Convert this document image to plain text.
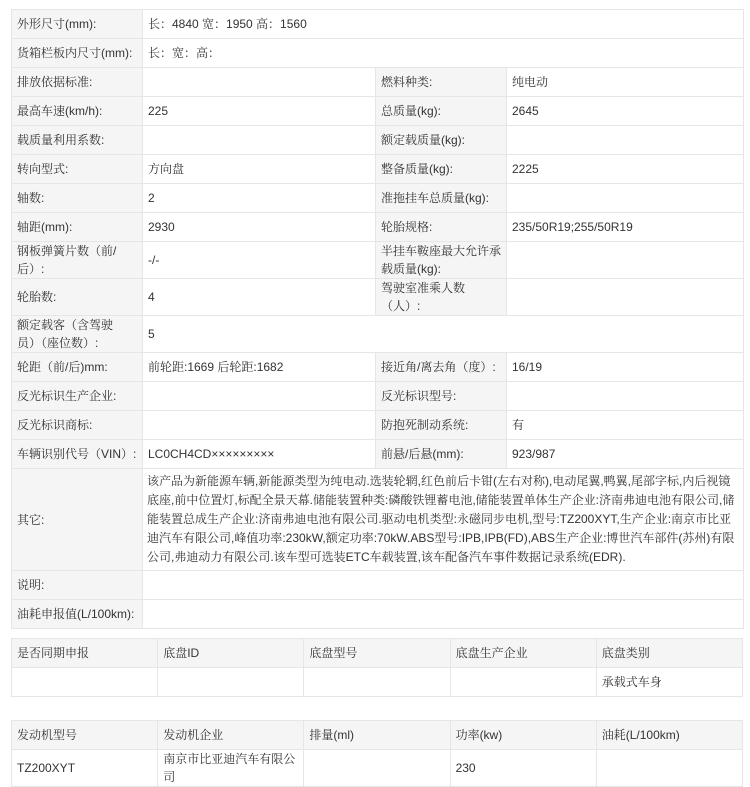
外形尺寸(mm):	长：4840 宽：1950 高：1560		
货箱栏板内尺寸(mm):	长：宽：高：		
排放依据标准:		燃料种类:	纯电动
最高车速(km/h):	225	总质量(kg):	2645
载质量利用系数:		额定载质量(kg):	
转向型式:	方向盘	整备质量(kg):	2225
轴数:	2	准拖挂车总质量(kg):	
轴距(mm):	2930	轮胎规格:	235/50R19;255/50R19
钢板弹簧片数（前/后）:	-/-	半挂车鞍座最大允许承载质量(kg):	
轮胎数:	4	驾驶室准乘人数（人）:	
额定载客（含驾驶员）（座位数）:	5		
轮距（前/后)mm:	前轮距:1669 后轮距:1682	接近角/离去角（度）:	16/19
反光标识生产企业:		反光标识型号:	
反光标识商标:		防抱死制动系统:	有
车辆识别代号（VIN）:	LC0CH4CD×××××××××	前悬/后悬(mm):	923/987
其它:	该产品为新能源车辆,新能源类型为纯电动.选装轮辋,红色前后卡钳(左右对称),电动尾翼,鸭翼,尾部字标,内后视镜底座,前中位置灯,标配全景天幕.储能装置种类:磷酸铁锂蓄电池,储能装置单体生产企业:济南弗迪电池有限公司,储能装置总成生产企业:济南弗迪电池有限公司.驱动电机类型:永磁同步电机,型号:TZ200XYT,生产企业:南京市比亚迪汽车有限公司,峰值功率:230kW,额定功率:70kW.ABS型号:IPB,IPB(FD),ABS生产企业:博世汽车部件(苏州)有限公司,弗迪动力有限公司.该车型可选装ETC车载装置,该车配备汽车事件数据记录系统(EDR).		
说明:			
油耗申报值(L/100km):			
是否同期申报	底盘ID	底盘型号	底盘生产企业	底盘类别
				承载式车身
发动机型号	发动机企业	排量(ml)	功率(kw)	油耗(L/100km)
TZ200XYT	南京市比亚迪汽车有限公司		230	
